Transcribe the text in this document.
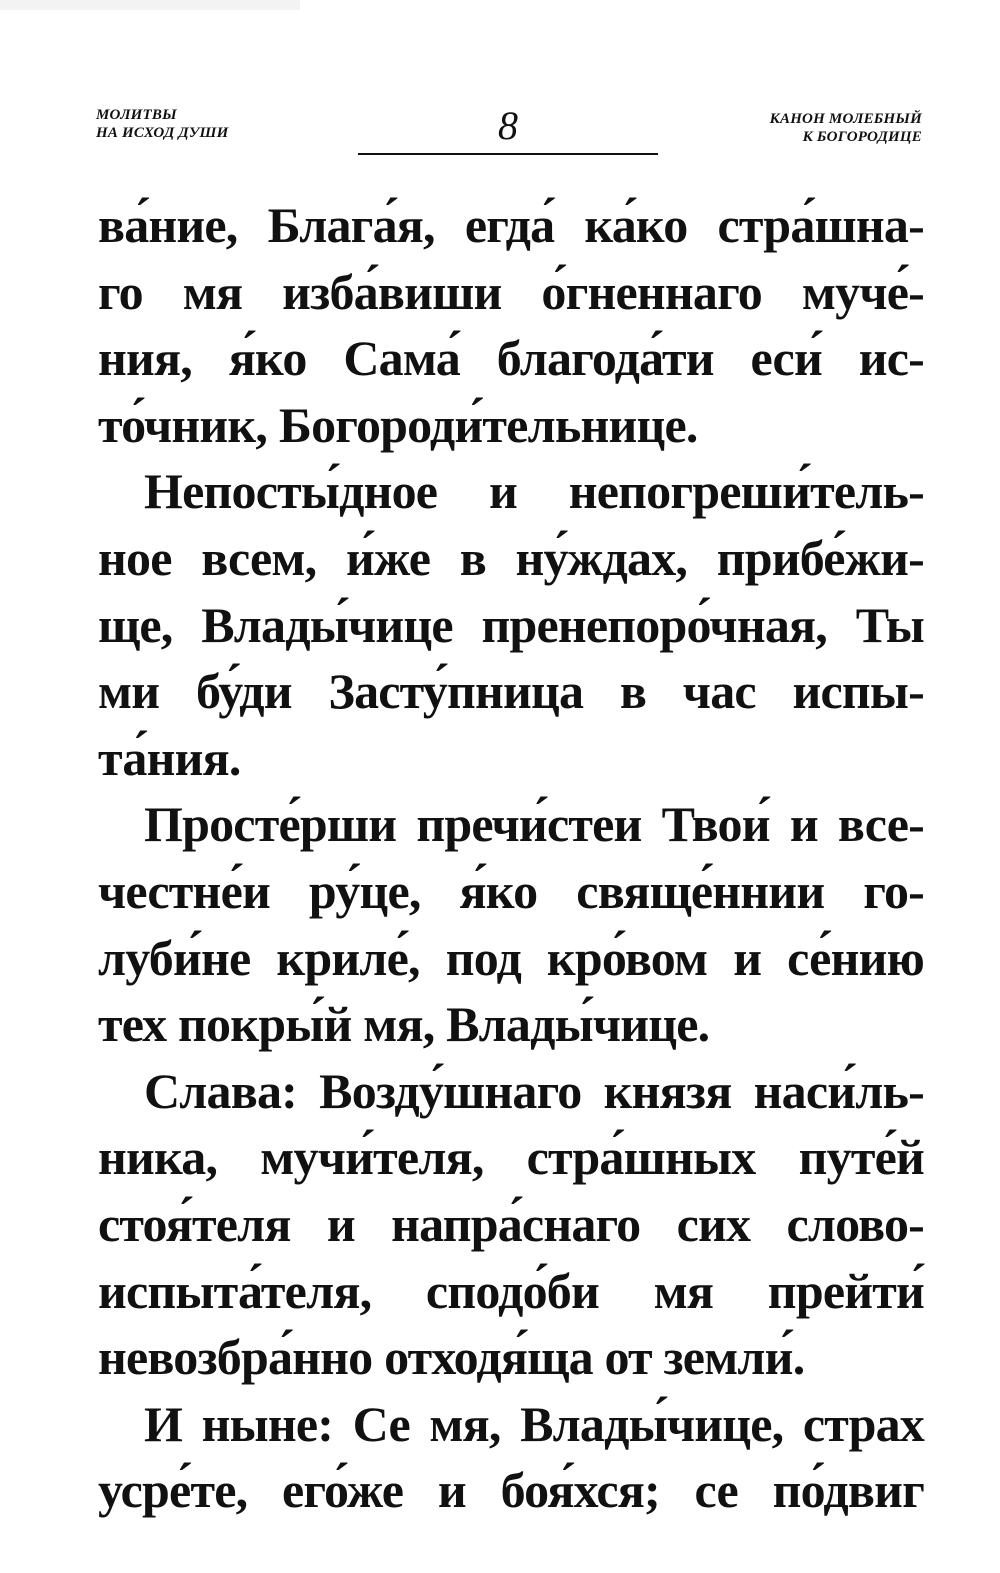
МОЛИТВЫ
НА ИСХОД ДУШИ	8	КАНОН МОЛЕБНЫЙ
К БОГОРОДИЦЕ
ва́ние, Блага́я, егда́ ка́ко стра́шна-
го мя изба́виши о́гненнаго муче́-
ния, я́ко Сама́ благода́ти еси́ ис-
то́чник, Богороди́тельнице.
Непосты́дное и непогреши́тель-
ное всем, и́же в ну́ждах, прибе́жи-
ще, Влады́чице пренепоро́чная, Ты
ми бу́ди Засту́пница в час испы-
та́ния.
Просте́рши пречи́стеи Твои́ и все-
честне́и ру́це, я́ко свяще́ннии го-
луби́не криле́, под кро́вом и се́нию
тех покры́й мя, Влады́чице.
Слава: Возду́шнаго князя наси́ль-
ника, мучи́теля, стра́шных путе́й
стоя́теля и напра́снаго сих слово-
испыта́теля, сподо́би мя прейти́
невозбра́нно отходя́ща от земли́.
И ныне: Се мя, Влады́чице, страх
усре́те, его́же и боя́хся; се по́двиг
